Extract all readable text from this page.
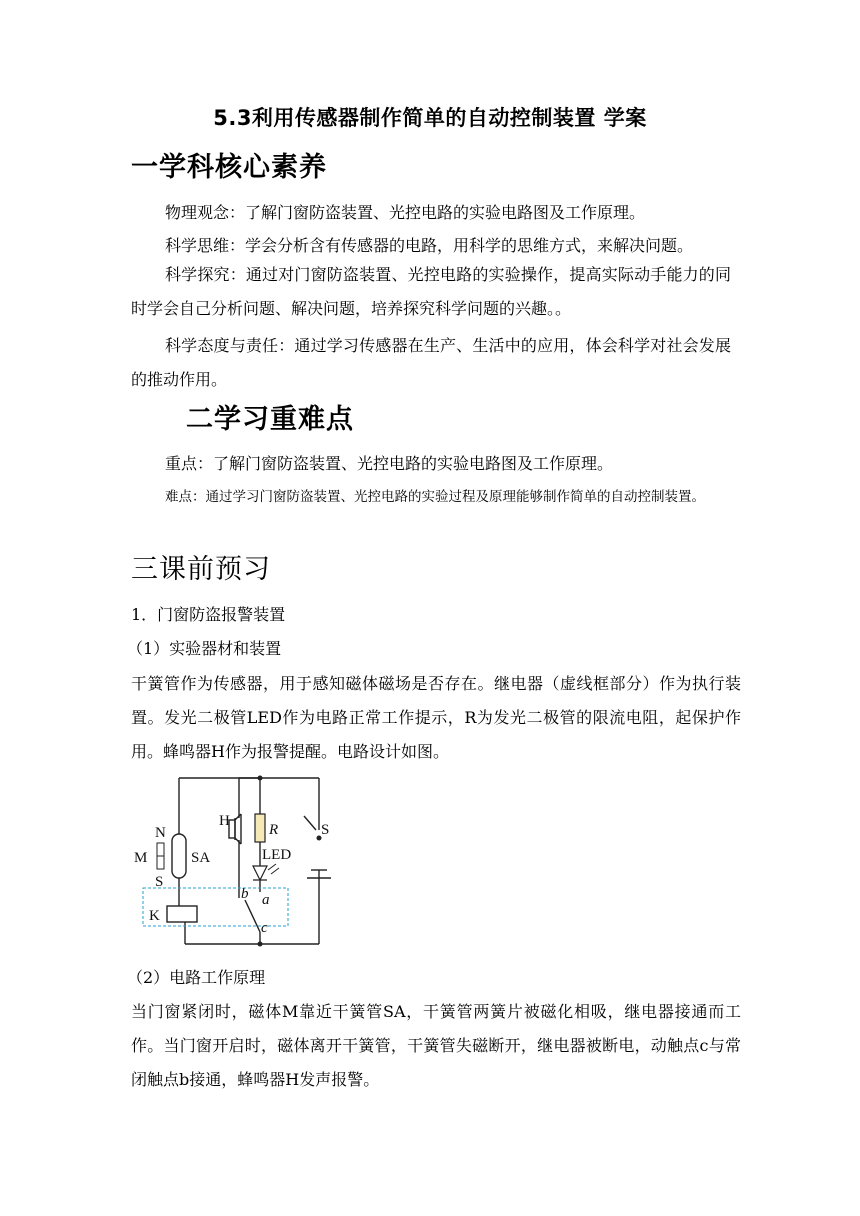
5.3利用传感器制作简单的自动控制装置 学案
一学科核心素养
物理观念：了解门窗防盗装置、光控电路的实验电路图及工作原理。
科学思维：学会分析含有传感器的电路，用科学的思维方式，来解决问题。
科学探究：通过对门窗防盗装置、光控电路的实验操作，提高实际动手能力的同时学会自己分析问题、解决问题，培养探究科学问题的兴趣。。
科学态度与责任：通过学习传感器在生产、生活中的应用，体会科学对社会发展的推动作用。
二学习重难点
重点：了解门窗防盗装置、光控电路的实验电路图及工作原理。
难点：通过学习门窗防盗装置、光控电路的实验过程及原理能够制作简单的自动控制装置。
三课前预习
1．门窗防盗报警装置
（1）实验器材和装置
干簧管作为传感器，用于感知磁体磁场是否存在。继电器（虚线框部分）作为执行装置。发光二极管LED作为电路正常工作提示，R为发光二极管的限流电阻，起保护作用。蜂鸣器H作为报警提醒。电路设计如图。
N
M
S
SA
K
H
R
LED
a
b
c
S
（2）电路工作原理
当门窗紧闭时，磁体M靠近干簧管SA，干簧管两簧片被磁化相吸，继电器接通而工作。当门窗开启时，磁体离开干簧管，干簧管失磁断开，继电器被断电，动触点c与常闭触点b接通，蜂鸣器H发声报警。
